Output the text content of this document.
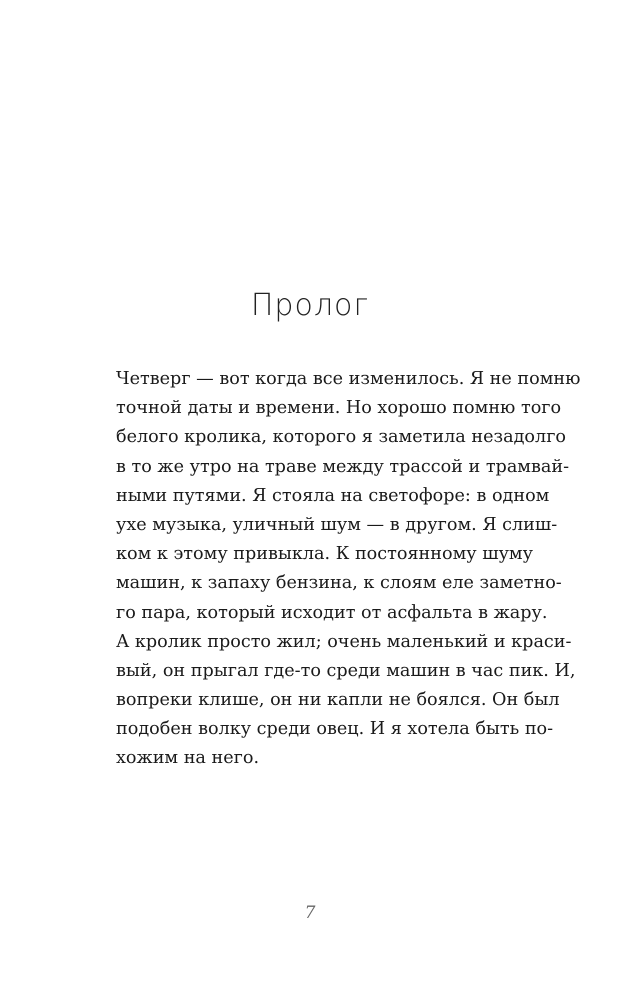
Пролог
Четверг — вот когда все изменилось. Я не помню
точной даты и времени. Но хорошо помню того
белого кролика, которого я заметила незадолго
в то же утро на траве между трассой и трамвай-
ными путями. Я стояла на светофоре: в одном
ухе музыка, уличный шум — в другом. Я слиш-
ком к этому привыкла. К постоянному шуму
машин, к запаху бензина, к слоям еле заметно-
го пара, который исходит от асфальта в жару.
А кролик просто жил; очень маленький и краси-
вый, он прыгал где-то среди машин в час пик. И,
вопреки клише, он ни капли не боялся. Он был
подобен волку среди овец. И я хотела быть по-
хожим на него.
7
